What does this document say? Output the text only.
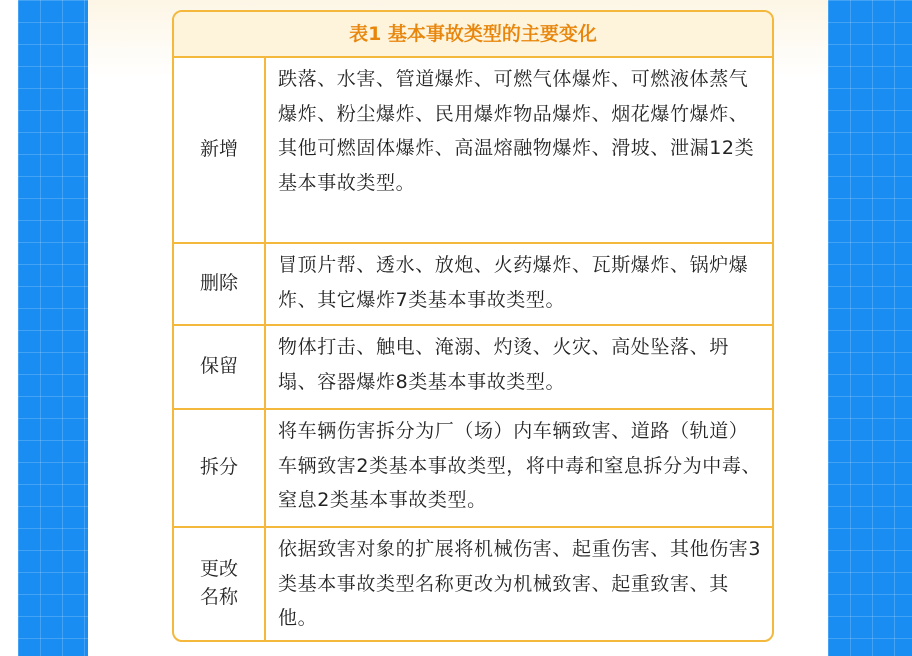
表1 基本事故类型的主要变化
新增
跌落、水害、管道爆炸、可燃气体爆炸、可燃液体蒸气爆炸、粉尘爆炸、民用爆炸物品爆炸、烟花爆竹爆炸、其他可燃固体爆炸、高温熔融物爆炸、滑坡、泄漏12类基本事故类型。
删除
冒顶片帮、透水、放炮、火药爆炸、瓦斯爆炸、锅炉爆炸、其它爆炸7类基本事故类型。
保留
物体打击、触电、淹溺、灼烫、火灾、高处坠落、坍塌、容器爆炸8类基本事故类型。
拆分
将车辆伤害拆分为厂（场）内车辆致害、道路（轨道）车辆致害2类基本事故类型，将中毒和窒息拆分为中毒、窒息2类基本事故类型。
更改
名称
依据致害对象的扩展将机械伤害、起重伤害、其他伤害3类基本事故类型名称更改为机械致害、起重致害、其他。
